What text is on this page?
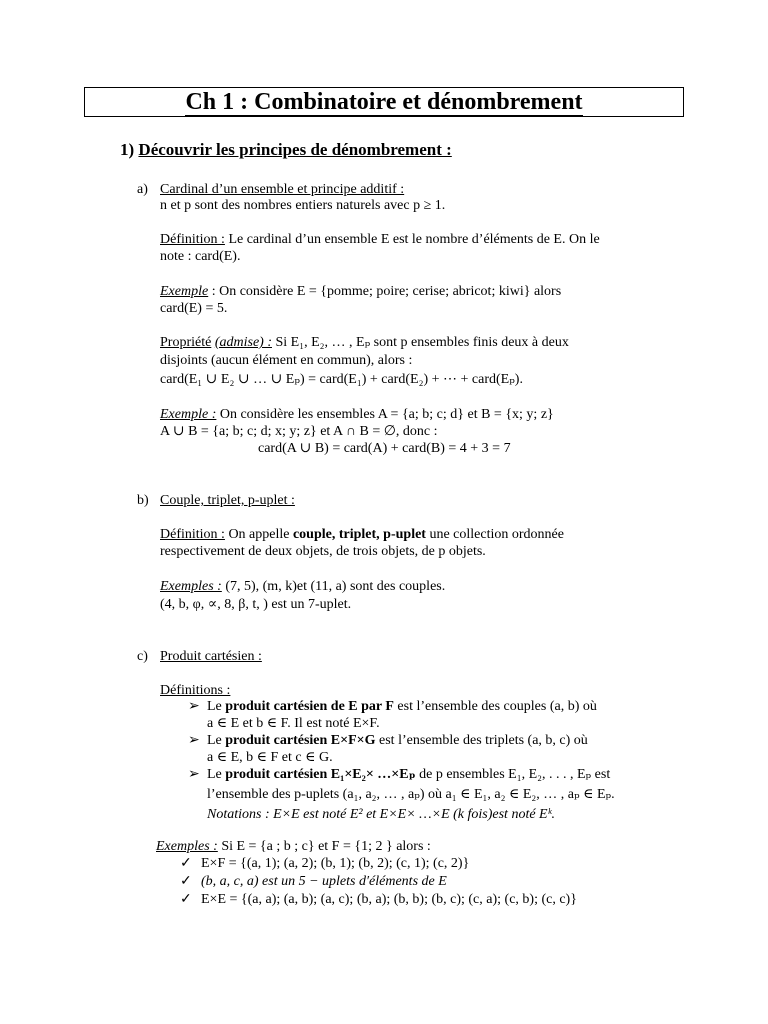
Ch 1 : Combinatoire et dénombrement
1) Découvrir les principes de dénombrement :
a) Cardinal d’un ensemble et principe additif :
n et p sont des nombres entiers naturels avec p ≥ 1.
Définition : Le cardinal d’un ensemble E est le nombre d’éléments de E. On le
note : card(E).
Exemple : On considère E = {pomme; poire; cerise; abricot; kiwi} alors
card(E) = 5.
Propriété (admise) : Si E₁, E₂, … , Eₚ sont p ensembles finis deux à deux
disjoints (aucun élément en commun), alors :
card(E₁ ∪ E₂ ∪ … ∪ Eₚ) = card(E₁) + card(E₂) + ⋯ + card(Eₚ).
Exemple : On considère les ensembles A = {a; b; c; d} et B = {x; y; z}
A ∪ B = {a; b; c; d; x; y; z} et A ∩ B = ∅, donc :
card(A ∪ B) = card(A) + card(B) = 4 + 3 = 7
b) Couple, triplet, p-uplet :
Définition : On appelle couple, triplet, p-uplet une collection ordonnée
respectivement de deux objets, de trois objets, de p objets.
Exemples : (7, 5), (m, k)et (11, a) sont des couples.
(4, b, φ, ∝, 8, β, t, ) est un 7-uplet.
c) Produit cartésien :
Définitions :
➢ Le produit cartésien de E par F est l’ensemble des couples (a, b) où
a ∈ E et b ∈ F. Il est noté E×F.
➢ Le produit cartésien E×F×G est l’ensemble des triplets (a, b, c) où
a ∈ E, b ∈ F et c ∈ G.
➢ Le produit cartésien E₁×E₂× …×Eₚ de p ensembles E₁, E₂, . . . , Eₚ est
l’ensemble des p-uplets (a₁, a₂, … , aₚ) où a₁ ∈ E₁, a₂ ∈ E₂, … , aₚ ∈ Eₚ.
Notations : E×E est noté E² et E×E× …×E (k fois)est noté Eᵏ.
Exemples : Si E = {a ; b ; c} et F = {1; 2 } alors :
✓ E×F = {(a, 1); (a, 2); (b, 1); (b, 2); (c, 1); (c, 2)}
✓ (b, a, c, a) est un 5 − uplets d′éléments de E
✓ E×E = {(a, a); (a, b); (a, c); (b, a); (b, b); (b, c); (c, a); (c, b); (c, c)}
